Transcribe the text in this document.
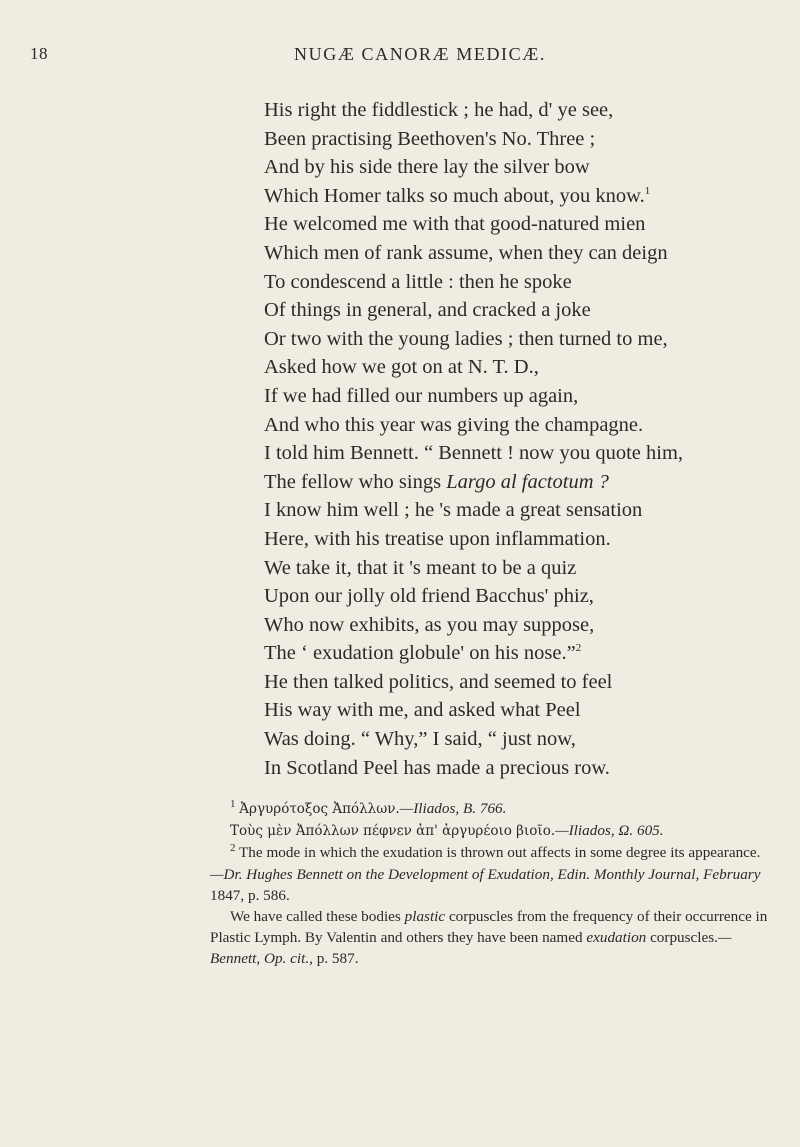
18	NUGÆ CANORÆ MEDICÆ.
His right the fiddlestick ; he had, d' ye see,
Been practising Beethoven's No. Three ;
And by his side there lay the silver bow
Which Homer talks so much about, you know.$^1$
He welcomed me with that good-natured mien
Which men of rank assume, when they can deign
To condescend a little : then he spoke
Of things in general, and cracked a joke
Or two with the young ladies ; then turned to me,
Asked how we got on at N. T. D.,
If we had filled our numbers up again,
And who this year was giving the champagne.
I told him Bennett. “ Bennett ! now you quote him,
The fellow who sings Largo al factotum ?
I know him well ; he 's made a great sensation
Here, with his treatise upon inflammation.
We take it, that it 's meant to be a quiz
Upon our jolly old friend Bacchus' phiz,
Who now exhibits, as you may suppose,
The ‘ exudation globule' on his nose.”$^2$
He then talked politics, and seemed to feel
His way with me, and asked what Peel
Was doing. “ Why,” I said, “ just now,
In Scotland Peel has made a precious row.

$^1$ Ἀργυρότοξος Ἀπόλλων.—Iliados, B. 766.

Τοὺς μὲν Ἀπόλλων πέφνεν ἀπ' ἀργυρέοιο βιοῖο.—Iliados, Ω. 605.

$^2$ The mode in which the exudation is thrown out affects in some degree its appearance.—Dr. Hughes Bennett on the Development of Exudation, Edin. Monthly Journal, February 1847, p. 586.

We have called these bodies plastic corpuscles from the frequency of their occurrence in Plastic Lymph. By Valentin and others they have been named exudation corpuscles.—Bennett, Op. cit., p. 587.
